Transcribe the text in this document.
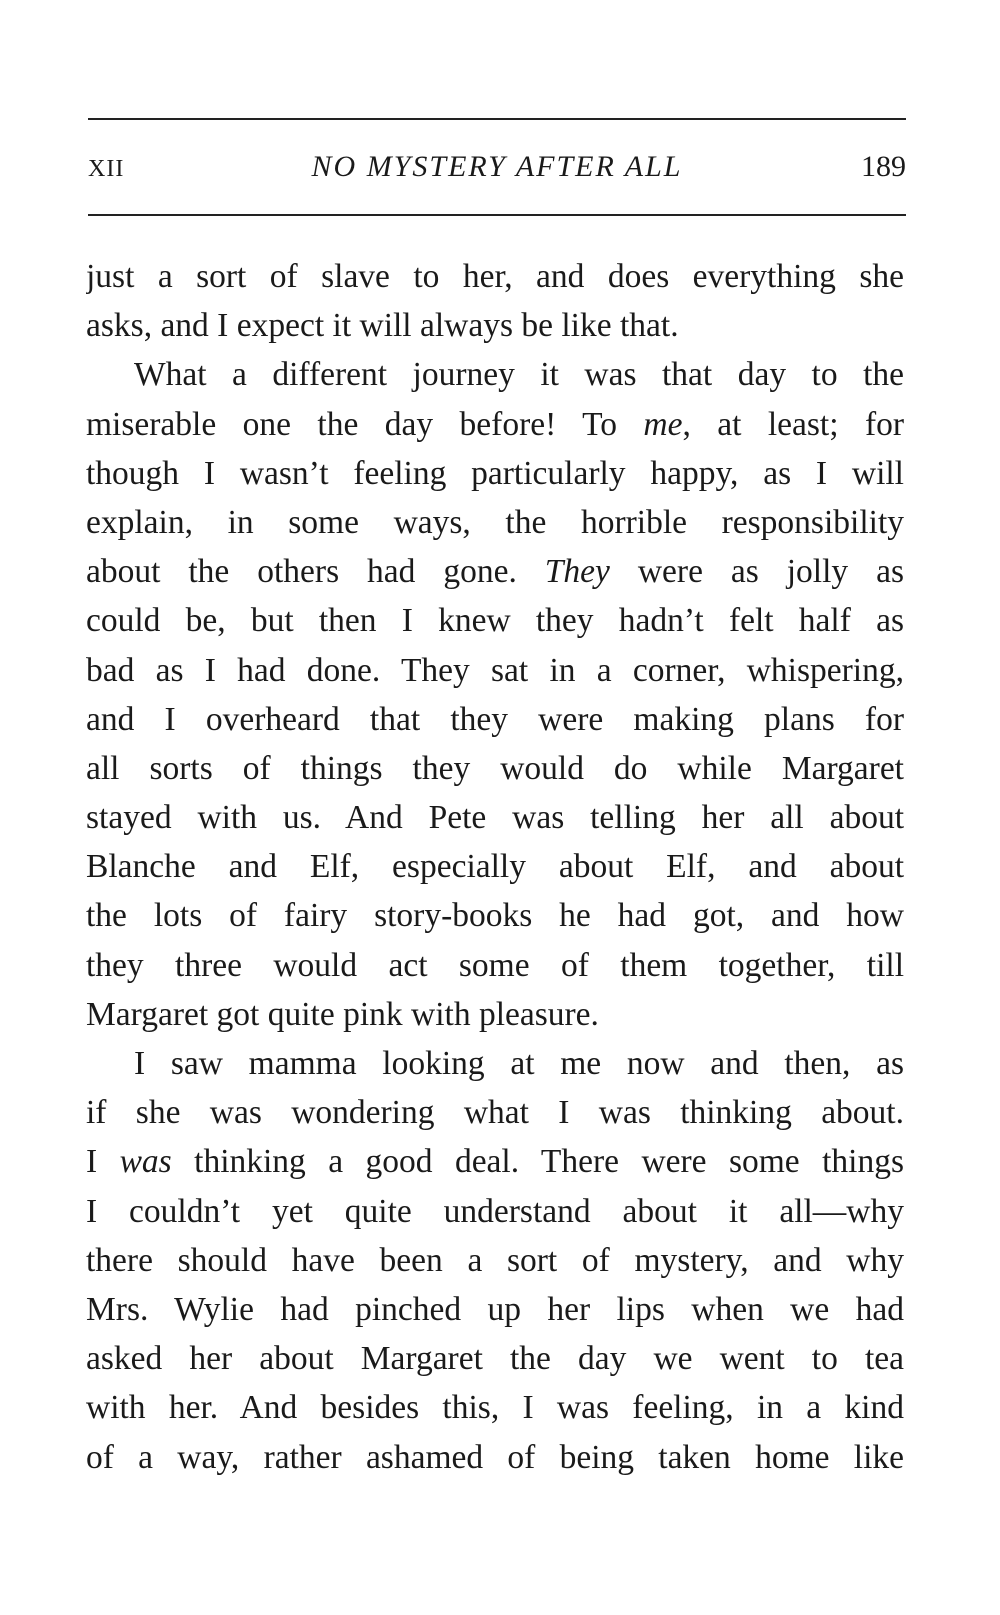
XII	NO MYSTERY AFTER ALL	189
just a sort of slave to her, and does everything she
asks, and I expect it will always be like that.
What a different journey it was that day to the
miserable one the day before! To me, at least; for
though I wasn’t feeling particularly happy, as I will
explain, in some ways, the horrible responsibility
about the others had gone. They were as jolly as
could be, but then I knew they hadn’t felt half as
bad as I had done. They sat in a corner, whispering,
and I overheard that they were making plans for
all sorts of things they would do while Margaret
stayed with us. And Pete was telling her all about
Blanche and Elf, especially about Elf, and about
the lots of fairy story-books he had got, and how
they three would act some of them together, till
Margaret got quite pink with pleasure.
I saw mamma looking at me now and then, as
if she was wondering what I was thinking about.
I was thinking a good deal. There were some things
I couldn’t yet quite understand about it all—why
there should have been a sort of mystery, and why
Mrs. Wylie had pinched up her lips when we had
asked her about Margaret the day we went to tea
with her. And besides this, I was feeling, in a kind
of a way, rather ashamed of being taken home like
